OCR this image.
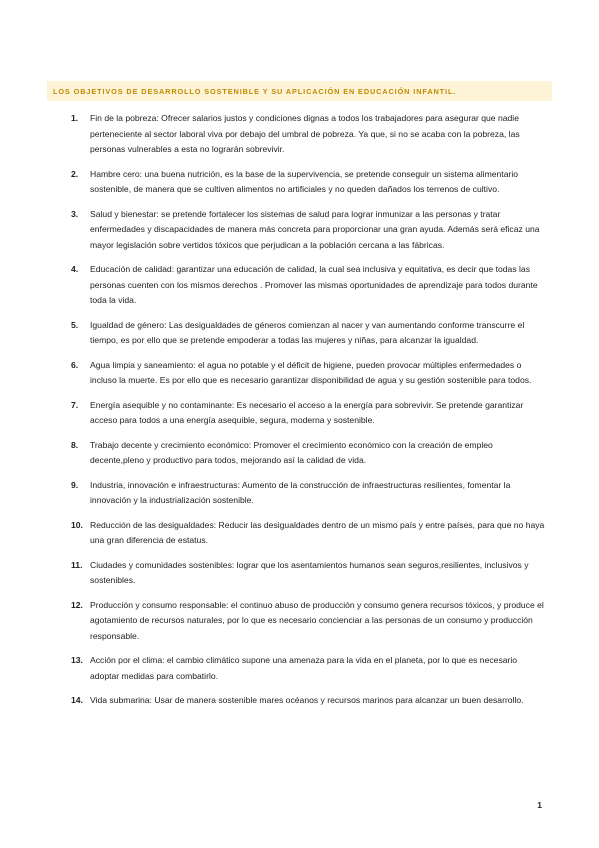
LOS OBJETIVOS DE DESARROLLO SOSTENIBLE Y SU APLICACIÓN EN EDUCACIÓN INFANTIL.
1. Fin de la pobreza: Ofrecer salarios justos y condiciones dignas a todos los trabajadores para asegurar que nadie perteneciente al sector laboral viva por debajo del umbral de pobreza. Ya que, si no se acaba con la pobreza, las personas vulnerables a esta no lograrán sobrevivir.
2. Hambre cero: una buena nutrición, es la base de la supervivencia, se pretende conseguir un sistema alimentario sostenible, de manera que se cultiven alimentos no artificiales y no queden dañados los terrenos de cultivo.
3. Salud y bienestar: se pretende fortalecer los sistemas de salud para lograr inmunizar a las personas y tratar enfermedades y discapacidades de manera más concreta para proporcionar una gran ayuda. Además será eficaz una mayor legislación sobre vertidos tóxicos que perjudican a la población cercana a las fábricas.
4. Educación de calidad: garantizar una educación de calidad, la cual sea inclusiva y equitativa, es decir que todas las personas cuenten con los mismos derechos . Promover las mismas oportunidades de aprendizaje para todos durante toda la vida.
5. Igualdad de género: Las desigualdades de géneros comienzan al nacer y van aumentando conforme transcurre el tiempo, es por ello que se pretende empoderar a todas las mujeres y niñas, para alcanzar la igualdad.
6. Agua limpia y saneamiento: el agua no potable y el déficit de higiene, pueden provocar múltiples enfermedades o incluso la muerte. Es por ello que es necesario garantizar disponibilidad de agua y su gestión sostenible para todos.
7. Energía asequible y no contaminante: Es necesario el acceso a la energía para sobrevivir. Se pretende garantizar acceso para todos a una energía asequible, segura, moderna y sostenible.
8. Trabajo decente y crecimiento económico: Promover el crecimiento económico con la creación de empleo decente,pleno y productivo para todos, mejorando así la calidad de vida.
9. Industria, innovación e infraestructuras: Aumento de la construcción de infraestructuras resilientes, fomentar la innovación y la industrialización sostenible.
10. Reducción de las desigualdades: Reducir las desigualdades dentro de un mismo país y entre países, para que no haya una gran diferencia de estatus.
11. Ciudades y comunidades sostenibles: lograr que los asentamientos humanos sean seguros,resilientes, inclusivos y sostenibles.
12. Producción y consumo responsable: el continuo abuso de producción y consumo genera recursos tóxicos, y produce el agotamiento de recursos naturales, por lo que es necesario concienciar a las personas de un consumo y producción responsable.
13. Acción por el clima: el cambio climático supone una amenaza para la vida en el planeta, por lo que es necesario adoptar medidas para combatirlo.
14. Vida submarina: Usar de manera sostenible mares océanos y recursos marinos para alcanzar un buen desarrollo.
1
